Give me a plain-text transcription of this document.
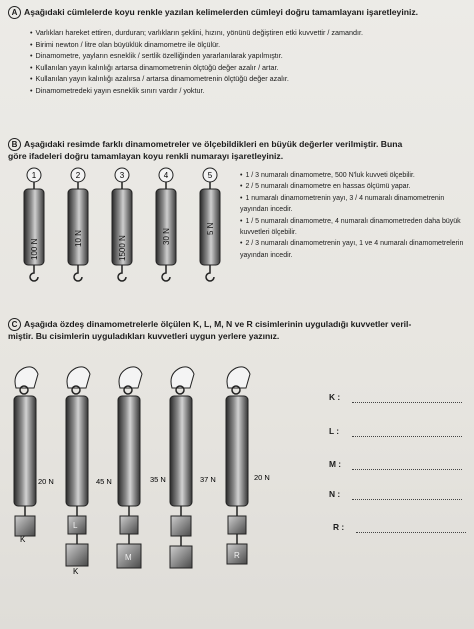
A Aşağıdaki cümlelerde koyu renkle yazılan kelimelerden cümleyi doğru tamamlayanı işaretleyiniz.
• Varlıkları hareket ettiren, durduran; varlıkların şeklini, hızını, yönünü değiştiren etki kuvvettir / zamandır.
• Birimi newton / litre olan büyüklük dinamometre ile ölçülür.
• Dinamometre, yayların esneklik / sertlik özelliğinden yararlanılarak yapılmıştır.
• Kullanılan yayın kalınlığı artarsa dinamometrenin ölçtüğü değer azalır / artar.
• Kullanılan yayın kalınlığı azalırsa / artarsa dinamometrenin ölçtüğü değer azalır.
• Dinamometredeki yayın esneklik sınırı vardır / yoktur.
B Aşağıdaki resimde farklı dinamometreler ve ölçebildikleri en büyük değerler verilmiştir. Buna
göre ifadeleri doğru tamamlayan koyu renkli numarayı işaretleyiniz.
1
100 N
2
10 N
3
1500 N
4
30 N
5
5 N
• 1 / 3 numaralı dinamometre, 500 N'luk kuvveti ölçebilir.
• 2 / 5 numaralı dinamometre en hassas ölçümü yapar.
• 1 numaralı dinamometrenin yayı, 3 / 4 numaralı dinamometrenin yayından incedir.
• 1 / 5 numaralı dinamometre, 4 numaralı dinamometreden daha büyük kuvvetleri ölçebilir.
• 2 / 3 numaralı dinamometrenin yayı, 1 ve 4 numaralı dinamometrelerin yayından incedir.
C Aşağıda özdeş dinamometrelerle ölçülen K, L, M, N ve R cisimlerinin uyguladığı kuvvetler veril-
miştir. Bu cisimlerin uyguladıkları kuvvetleri uygun yerlere yazınız.
20 N
K
45 N
L
K
35 N
M
37 N	20 N
R
K :
L :
M :
N :
R :
